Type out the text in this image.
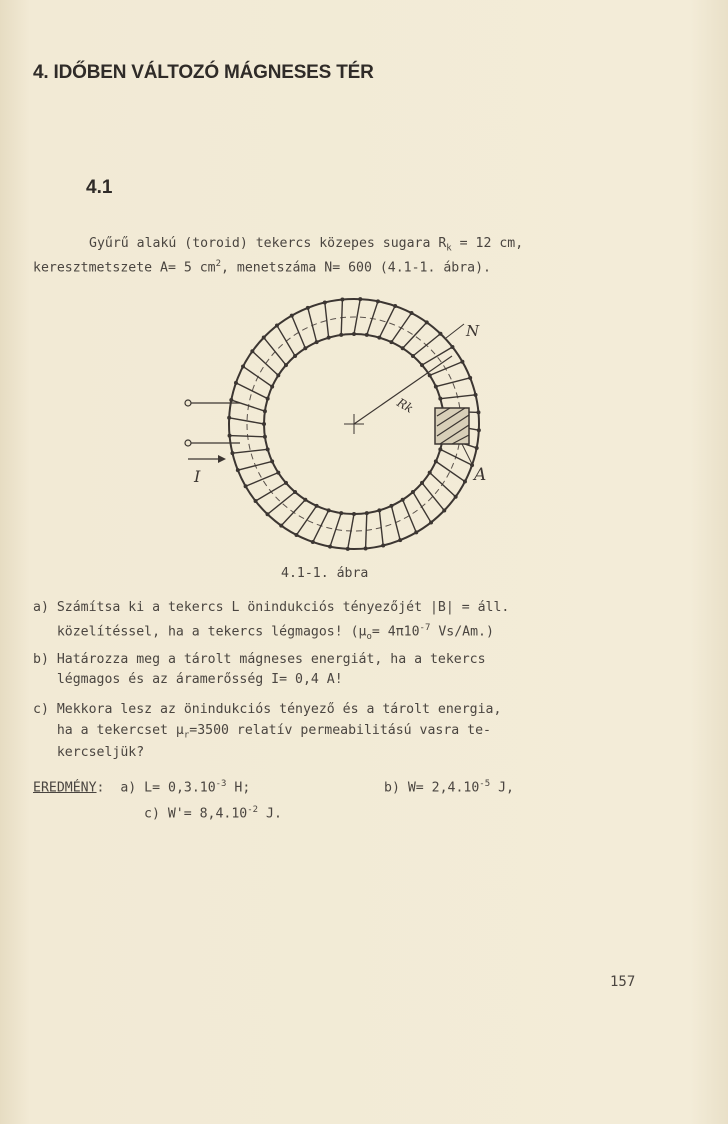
4. IDŐBEN VÁLTOZÓ MÁGNESES TÉR
4.1
Gyűrű alakú (toroid) tekercs közepes sugara $R_k = 12$ cm,
keresztmetszete A= 5 $cm^2$, menetszáma N= 600 (4.1-1. ábra).
N
Rk
A
I
4.1-1. ábra
a) Számítsa ki a tekercs L önindukciós tényezőjét |B| = áll.
közelítéssel, ha a tekercs légmagos! ($\mu_o= 4\pi 10^{-7}$ Vs/Am.)
b) Határozza meg a tárolt mágneses energiát, ha a tekercs
légmagos és az áramerősség I= 0,4 A!
c) Mekkora lesz az önindukciós tényező és a tárolt energia,
ha a tekercset $\mu_r=3500$ relatív permeabilitású vasra te-
kercseljük?
EREDMÉNY:  a) $L= 0,3.10^{-3}$ H;	b) $W= 2,4.10^{-5}$ J,
c) $W'= 8,4.10^{-2}$ J.
157
